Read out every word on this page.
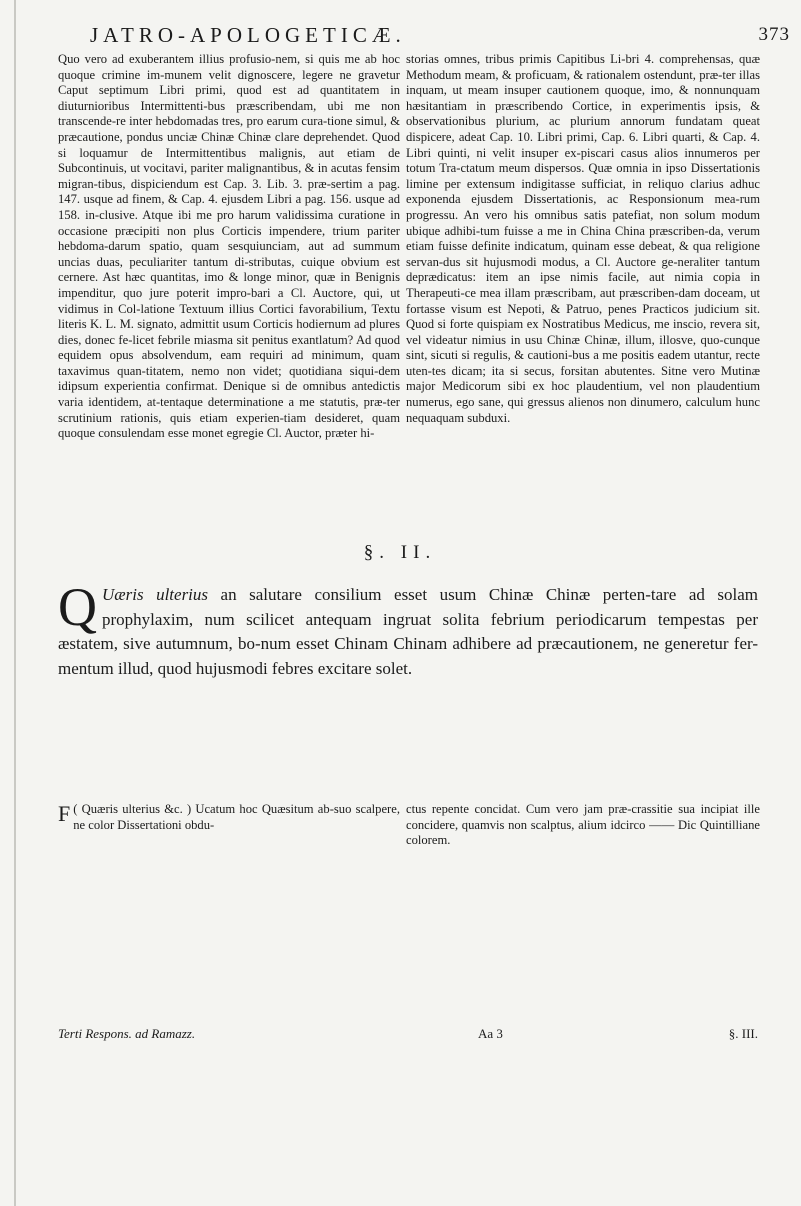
JATRO-APOLOGETICÆ.	373
Quo vero ad exuberantem illius profusio-nem, si quis me ab hoc quoque crimine im-munem velit dignoscere, legere ne gravetur Caput septimum Libri primi, quod est ad quantitatem in diuturnioribus Intermittenti-bus præscribendam, ubi me non transcende-re inter hebdomadas tres, pro earum cura-tione simul, & præcautione, pondus unciæ Chinæ Chinæ clare deprehendet. Quod si loquamur de Intermittentibus malignis, aut etiam de Subcontinuis, ut vocitavi, pariter malignantibus, & in acutas fensim migran-tibus, dispiciendum est Cap. 3. Lib. 3. præ-sertim a pag. 147. usque ad finem, & Cap. 4. ejusdem Libri a pag. 156. usque ad 158. in-clusive. Atque ibi me pro harum validissima curatione in occasione præcipiti non plus Corticis impendere, trium pariter hebdoma-darum spatio, quam sesquiunciam, aut ad summum uncias duas, peculiariter tantum di-stributas, cuique obvium est cernere. Ast hæc quantitas, imo & longe minor, quæ in Benignis impenditur, quo jure poterit impro-bari a Cl. Auctore, qui, ut vidimus in Col-latione Textuum illius Cortici favorabilium, Textu literis K. L. M. signato, admittit usum Corticis hodiernum ad plures dies, donec fe-licet febrile miasma sit penitus exantlatum? Ad quod equidem opus absolvendum, eam requiri ad minimum, quam taxavimus quan-titatem, nemo non videt; quotidiana siqui-dem idipsum experientia confirmat. Denique si de omnibus antedictis varia identidem, at-tentaque determinatione a me statutis, præ-ter scrutinium rationis, quis etiam experien-tiam desideret, quam quoque consulendam esse monet egregie Cl. Auctor, præter hi-
storias omnes, tribus primis Capitibus Li-bri 4. comprehensas, quæ Methodum meam, & proficuam, & rationalem ostendunt, præ-ter illas inquam, ut meam insuper cautionem quoque, imo, & nonnunquam hæsitantiam in præscribendo Cortice, in experimentis ipsis, & observationibus plurium, ac plurium annorum fundatam queat dispicere, adeat Cap. 10. Libri primi, Cap. 6. Libri quarti, & Cap. 4. Libri quinti, ni velit insuper ex-piscari casus alios innumeros per totum Tra-ctatum meum dispersos. Quæ omnia in ipso Dissertationis limine per extensum indigitasse sufficiat, in reliquo clarius adhuc exponenda ejusdem Dissertationis, ac Responsionum mea-rum progressu. An vero his omnibus satis patefiat, non solum modum ubique adhibi-tum fuisse a me in China China præscriben-da, verum etiam fuisse definite indicatum, quinam esse debeat, & qua religione servan-dus sit hujusmodi modus, a Cl. Auctore ge-neraliter tantum deprædicatus: item an ipse nimis facile, aut nimia copia in Therapeuti-ce mea illam præscribam, aut præscriben-dam doceam, ut fortasse visum est Nepoti, & Patruo, penes Practicos judicium sit. Quod si forte quispiam ex Nostratibus Medicus, me inscio, revera sit, vel videatur nimius in usu Chinæ Chinæ, illum, illosve, quo-cunque sint, sicuti si regulis, & cautioni-bus a me positis eadem utantur, recte uten-tes dicam; ita si secus, forsitan abutentes. Sitne vero Mutinæ major Medicorum sibi ex hoc plaudentium, vel non plaudentium numerus, ego sane, qui gressus alienos non dinumero, calculum hunc nequaquam subduxi.
§. II.
Q Uæris ulterius an salutare consilium esset usum Chinæ Chinæ perten-tare ad solam prophylaxim, num scilicet antequam ingruat solita febrium periodicarum tempestas per æstatem, sive autumnum, bo-num esset Chinam Chinam adhibere ad præcautionem, ne generetur fer-mentum illud, quod hujusmodi febres excitare solet.
F ( Quæris ulterius &c. ) Ucatum hoc Quæsitum ab-suo scalpere, ne color Dissertationi obdu-
ctus repente concidat. Cum vero jam præ-crassitie sua incipiat ille concidere, quamvis non scalptus, alium idcirco —— Dic Quintilliane colorem.
Terti Respons. ad Ramazz.	Aa 3	§. III.
